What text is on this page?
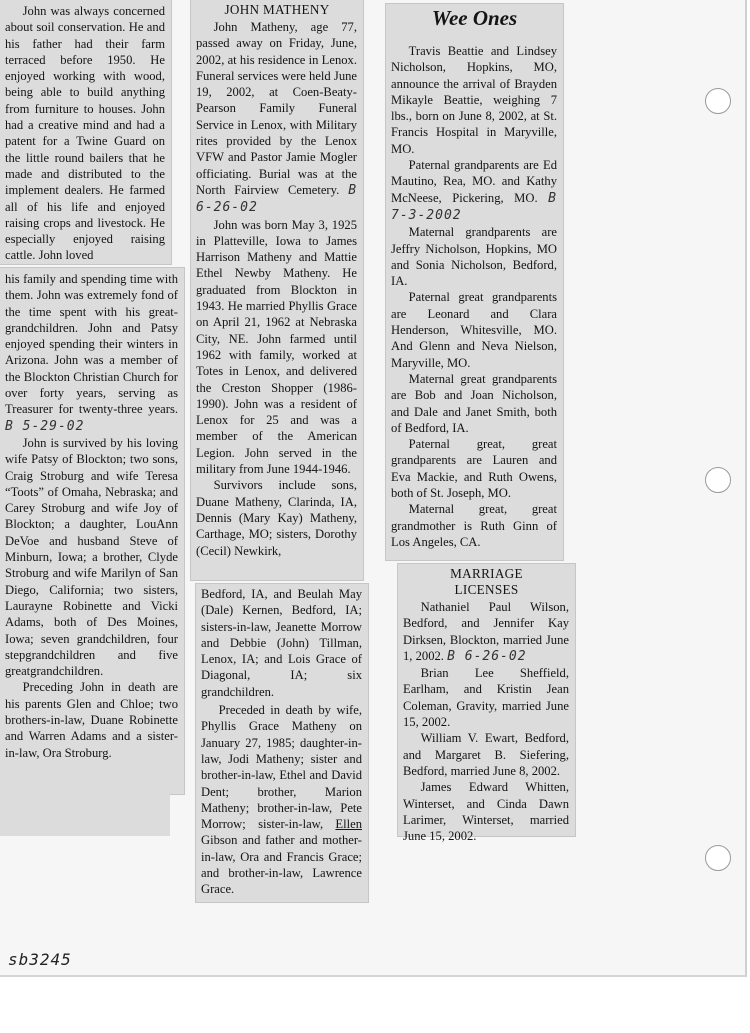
John was always concerned about soil conservation. He and his father had their farm terraced before 1950. He enjoyed working with wood, being able to build anything from furniture to houses. John had a creative mind and had a patent for a Twine Guard on the little round bailers that he made and distributed to the implement dealers. He farmed all of his life and enjoyed raising crops and livestock. He especially enjoyed raising cattle. John loved

his family and spending time with them. John was extremely fond of the time spent with his great-grandchildren. John and Patsy enjoyed spending their winters in Arizona. John was a member of the Blockton Christian Church for over forty years, serving as Treasurer for twenty-three years. B 5-29-02

John is survived by his loving wife Patsy of Blockton; two sons, Craig Stroburg and wife Teresa “Toots” of Omaha, Nebraska; and Carey Stroburg and wife Joy of Blockton; a daughter, LouAnn DeVoe and husband Steve of Minburn, Iowa; a brother, Clyde Stroburg and wife Marilyn of San Diego, California; two sisters, Laurayne Robinette and Vicki Adams, both of Des Moines, Iowa; seven grandchildren, four stepgrandchildren and five greatgrandchildren.

Preceding John in death are his parents Glen and Chloe; two brothers-in-law, Duane Robinette and Warren Adams and a sister-in-law, Ora Stroburg.

JOHN MATHENY

John Matheny, age 77, passed away on Friday, June, 2002, at his residence in Lenox. Funeral services were held June 19, 2002, at Coen-Beaty-Pearson Family Funeral Service in Lenox, with Military rites provided by the Lenox VFW and Pastor Jamie Mogler officiating. Burial was at the North Fairview Cemetery. B 6-26-02

John was born May 3, 1925 in Platteville, Iowa to James Harrison Matheny and Mattie Ethel Newby Matheny. He graduated from Blockton in 1943. He married Phyllis Grace on April 21, 1962 at Nebraska City, NE. John farmed until 1962 with family, worked at Totes in Lenox, and delivered the Creston Shopper (1986-1990). John was a resident of Lenox for 25 and was a member of the American Legion. John served in the military from June 1944-1946.

Survivors include sons, Duane Matheny, Clarinda, IA, Dennis (Mary Kay) Matheny, Carthage, MO; sisters, Dorothy (Cecil) Newkirk,

Bedford, IA, and Beulah May (Dale) Kernen, Bedford, IA; sisters-in-law, Jeanette Morrow and Debbie (John) Tillman, Lenox, IA; and Lois Grace of Diagonal, IA; six grandchildren.

Preceded in death by wife, Phyllis Grace Matheny on January 27, 1985; daughter-in-law, Jodi Matheny; sister and brother-in-law, Ethel and David Dent; brother, Marion Matheny; brother-in-law, Pete Morrow; sister-in-law, Ellen Gibson and father and mother-in-law, Ora and Francis Grace; and brother-in-law, Lawrence Grace.

Wee Ones

Travis Beattie and Lindsey Nicholson, Hopkins, MO, announce the arrival of Brayden Mikayle Beattie, weighing 7 lbs., born on June 8, 2002, at St. Francis Hospital in Maryville, MO.

Paternal grandparents are Ed Mautino, Rea, MO. and Kathy McNeese, Pickering, MO. B 7-3-2002

Maternal grandparents are Jeffry Nicholson, Hopkins, MO and Sonia Nicholson, Bedford, IA.

Paternal great grandparents are Leonard and Clara Henderson, Whitesville, MO. And Glenn and Neva Nielson, Maryville, MO.

Maternal great grandparents are Bob and Joan Nicholson, and Dale and Janet Smith, both of Bedford, IA.

Paternal great, great grandparents are Lauren and Eva Mackie, and Ruth Owens, both of St. Joseph, MO.

Maternal great, great grandmother is Ruth Ginn of Los Angeles, CA.

MARRIAGE
LICENSES

Nathaniel Paul Wilson, Bedford, and Jennifer Kay Dirksen, Blockton, married June 1, 2002. B 6-26-02

Brian Lee Sheffield, Earlham, and Kristin Jean Coleman, Gravity, married June 15, 2002.

William V. Ewart, Bedford, and Margaret B. Siefering, Bedford, married June 8, 2002.

James Edward Whitten, Winterset, and Cinda Dawn Larimer, Winterset, married June 15, 2002.

sb3245
